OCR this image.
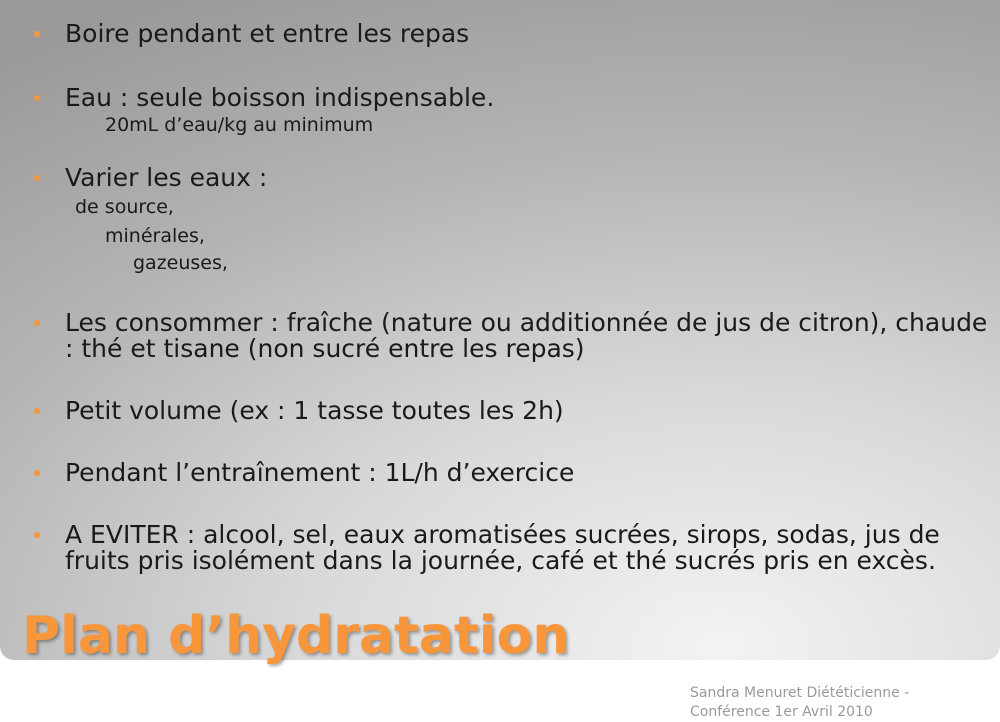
Boire pendant et entre les repas
Eau : seule boisson indispensable.
20mL d’eau/kg au minimum
Varier les eaux :
de source,
minérales,
gazeuses,
Les consommer : fraîche (nature ou additionnée de jus de citron), chaude : thé et tisane (non sucré entre les repas)
Petit volume (ex : 1 tasse toutes les 2h)
Pendant l’entraînement : 1L/h d’exercice
A EVITER : alcool, sel, eaux aromatisées sucrées, sirops, sodas, jus de fruits pris isolément dans la journée, café et thé sucrés pris en excès.
Plan d’hydratation
Sandra Menuret Diététicienne -
Conférence 1er Avril 2010
